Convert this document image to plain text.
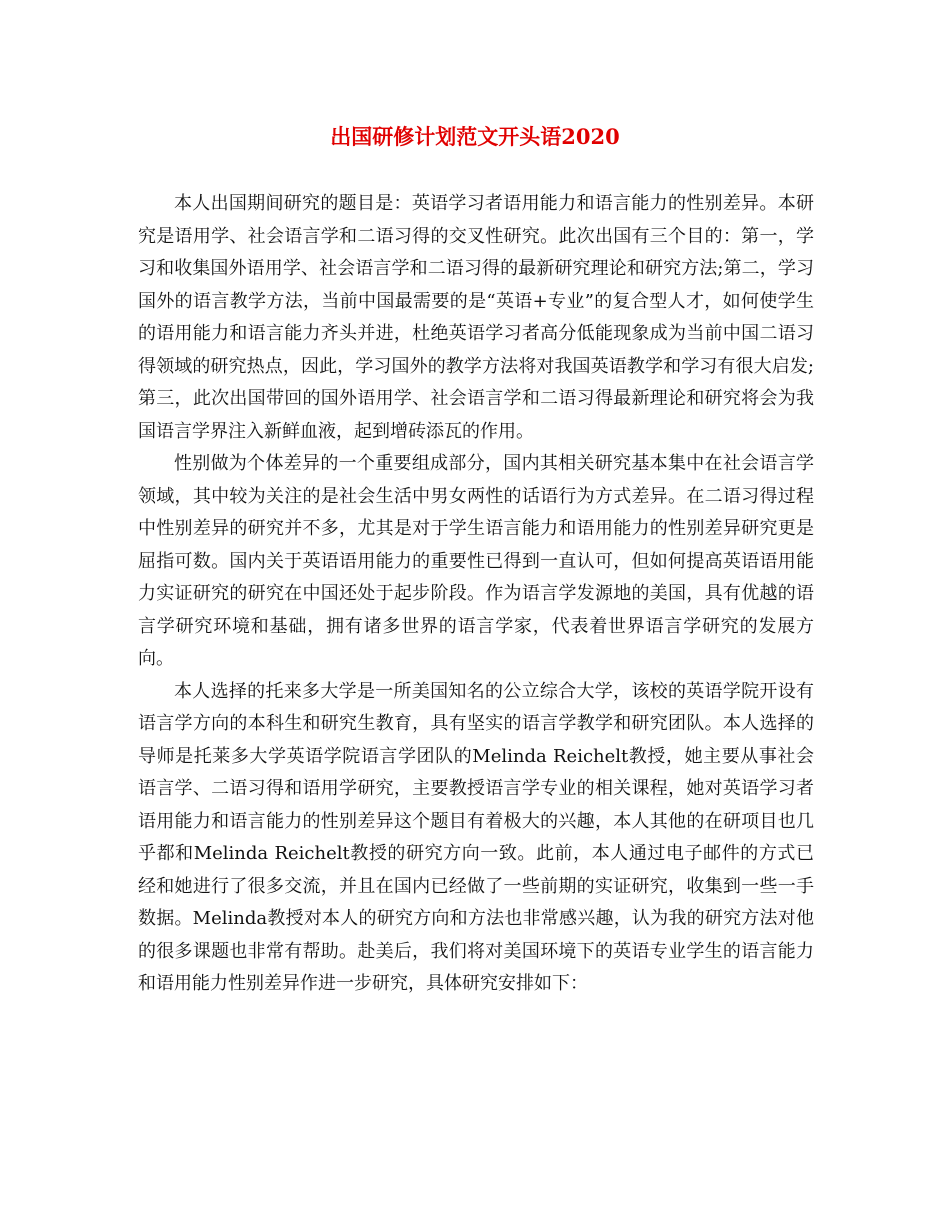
出国研修计划范文开头语2020

本人出国期间研究的题目是：英语学习者语用能力和语言能力的性别差异。本研究是语用学、社会语言学和二语习得的交叉性研究。此次出国有三个目的：第一，学习和收集国外语用学、社会语言学和二语习得的最新研究理论和研究方法;第二，学习国外的语言教学方法，当前中国最需要的是“英语+专业”的复合型人才，如何使学生的语用能力和语言能力齐头并进，杜绝英语学习者高分低能现象成为当前中国二语习得领域的研究热点，因此，学习国外的教学方法将对我国英语教学和学习有很大启发;第三，此次出国带回的国外语用学、社会语言学和二语习得最新理论和研究将会为我国语言学界注入新鲜血液，起到增砖添瓦的作用。

性别做为个体差异的一个重要组成部分，国内其相关研究基本集中在社会语言学领域，其中较为关注的是社会生活中男女两性的话语行为方式差异。在二语习得过程中性别差异的研究并不多，尤其是对于学生语言能力和语用能力的性别差异研究更是屈指可数。国内关于英语语用能力的重要性已得到一直认可，但如何提高英语语用能力实证研究的研究在中国还处于起步阶段。作为语言学发源地的美国，具有优越的语言学研究环境和基础，拥有诸多世界的语言学家，代表着世界语言学研究的发展方向。

本人选择的托来多大学是一所美国知名的公立综合大学，该校的英语学院开设有语言学方向的本科生和研究生教育，具有坚实的语言学教学和研究团队。本人选择的导师是托莱多大学英语学院语言学团队的Melinda Reichelt教授，她主要从事社会语言学、二语习得和语用学研究，主要教授语言学专业的相关课程，她对英语学习者语用能力和语言能力的性别差异这个题目有着极大的兴趣，本人其他的在研项目也几乎都和Melinda Reichelt教授的研究方向一致。此前，本人通过电子邮件的方式已经和她进行了很多交流，并且在国内已经做了一些前期的实证研究，收集到一些一手数据。Melinda教授对本人的研究方向和方法也非常感兴趣，认为我的研究方法对他的很多课题也非常有帮助。赴美后，我们将对美国环境下的英语专业学生的语言能力和语用能力性别差异作进一步研究，具体研究安排如下：
